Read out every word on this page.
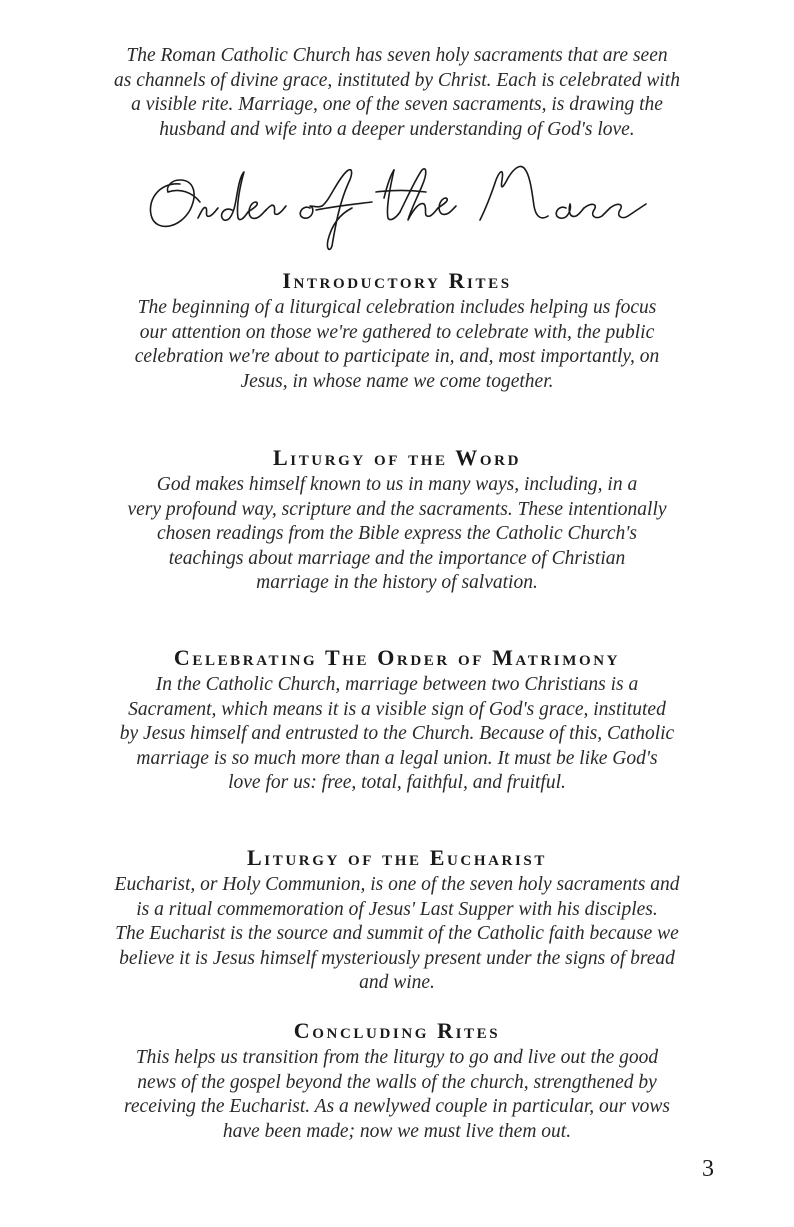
The Roman Catholic Church has seven holy sacraments that are seen
as channels of divine grace, instituted by Christ. Each is celebrated with
a visible rite. Marriage, one of the seven sacraments, is drawing the
husband and wife into a deeper understanding of God's love.

Introductory Rites

The beginning of a liturgical celebration includes helping us focus
our attention on those we're gathered to celebrate with, the public
celebration we're about to participate in, and, most importantly, on
Jesus, in whose name we come together.

Liturgy of the Word

God makes himself known to us in many ways, including, in a
very profound way, scripture and the sacraments. These intentionally
chosen readings from the Bible express the Catholic Church's
teachings about marriage and the importance of Christian
marriage in the history of salvation.

Celebrating The Order of Matrimony

In the Catholic Church, marriage between two Christians is a
Sacrament, which means it is a visible sign of God's grace, instituted
by Jesus himself and entrusted to the Church. Because of this, Catholic
marriage is so much more than a legal union. It must be like God's
love for us: free, total, faithful, and fruitful.

Liturgy of the Eucharist

Eucharist, or Holy Communion, is one of the seven holy sacraments and
is a ritual commemoration of Jesus' Last Supper with his disciples.
The Eucharist is the source and summit of the Catholic faith because we
believe it is Jesus himself mysteriously present under the signs of bread
and wine.

Concluding Rites

This helps us transition from the liturgy to go and live out the good
news of the gospel beyond the walls of the church, strengthened by
receiving the Eucharist. As a newlywed couple in particular, our vows
have been made; now we must live them out.

3
